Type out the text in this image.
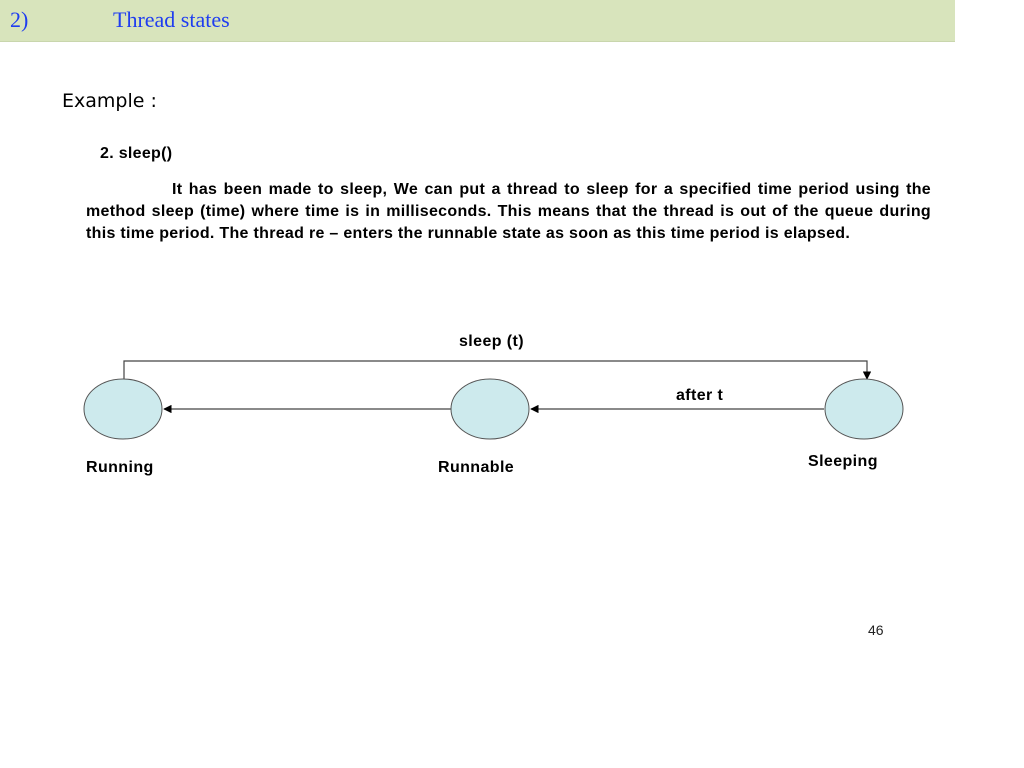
2)	Thread states
Example :
2. sleep()
It has been made to sleep, We can put a thread to sleep for a specified time period using the method sleep (time) where time is in milliseconds. This means that the thread is out of the queue during this time period. The thread re – enters the runnable state as soon as this time period is elapsed.
sleep (t)
after t
Running	Runnable	Sleeping
46
